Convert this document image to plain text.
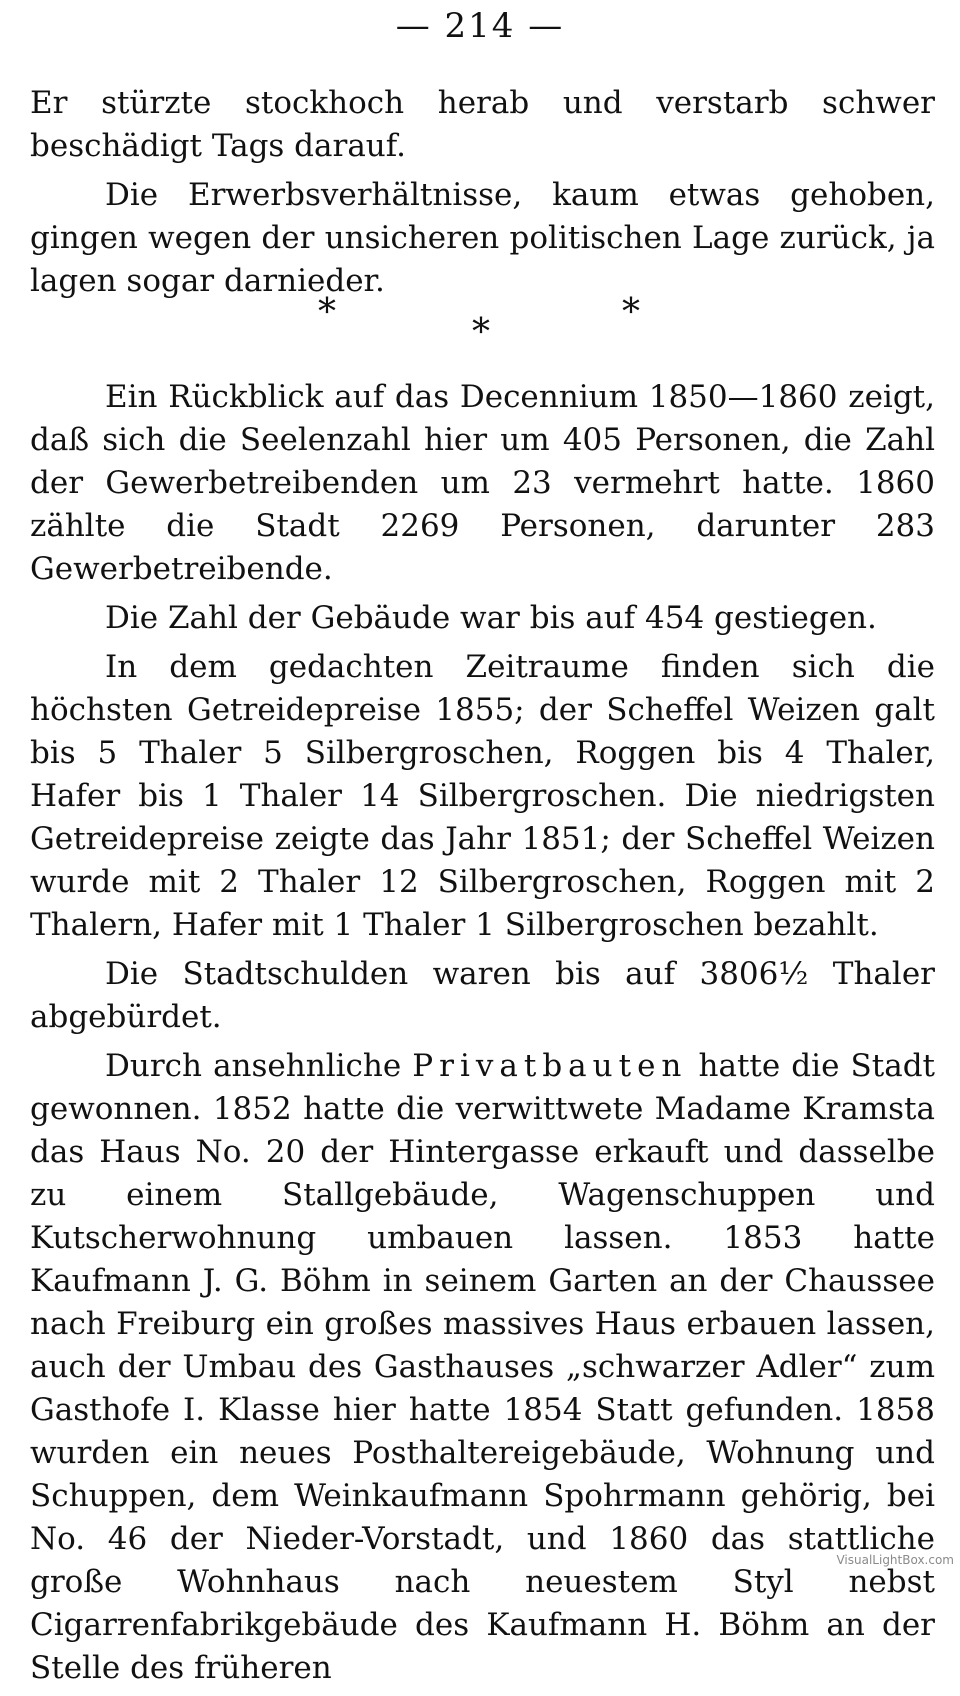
— 214 —

Er stürzte stockhoch herab und verstarb schwer beschädigt Tags darauf.

Die Erwerbsverhältnisse, kaum etwas gehoben, gingen wegen der unsicheren politischen Lage zurück, ja lagen sogar darnieder.

*	*	*

Ein Rückblick auf das Decennium 1850—1860 zeigt, daß sich die Seelenzahl hier um 405 Personen, die Zahl der Gewerbetreibenden um 23 vermehrt hatte. 1860 zählte die Stadt 2269 Personen, darunter 283 Gewerbetreibende.

Die Zahl der Gebäude war bis auf 454 gestiegen.

In dem gedachten Zeitraume finden sich die höchsten Getreidepreise 1855; der Scheffel Weizen galt bis 5 Thaler 5 Silbergroschen, Roggen bis 4 Thaler, Hafer bis 1 Thaler 14 Silbergroschen. Die niedrigsten Getreidepreise zeigte das Jahr 1851; der Scheffel Weizen wurde mit 2 Thaler 12 Silbergroschen, Roggen mit 2 Thalern, Hafer mit 1 Thaler 1 Silbergroschen bezahlt.

Die Stadtschulden waren bis auf 3806½ Thaler abgebürdet.

Durch ansehnliche Privatbauten hatte die Stadt gewonnen. 1852 hatte die verwittwete Madame Kramsta das Haus No. 20 der Hintergasse erkauft und dasselbe zu einem Stallgebäude, Wagenschuppen und Kutscherwohnung umbauen lassen. 1853 hatte Kaufmann J. G. Böhm in seinem Garten an der Chaussee nach Freiburg ein großes massives Haus erbauen lassen, auch der Umbau des Gasthauses „schwarzer Adler“ zum Gasthofe I. Klasse hier hatte 1854 Statt gefunden. 1858 wurden ein neues Posthaltereigebäude, Wohnung und Schuppen, dem Weinkaufmann Spohrmann gehörig, bei No. 46 der Nieder-Vorstadt, und 1860 das stattliche große Wohnhaus nach neuestem Styl nebst Cigarrenfabrikgebäude des Kaufmann H. Böhm an der Stelle des früheren

VisualLightBox.com
